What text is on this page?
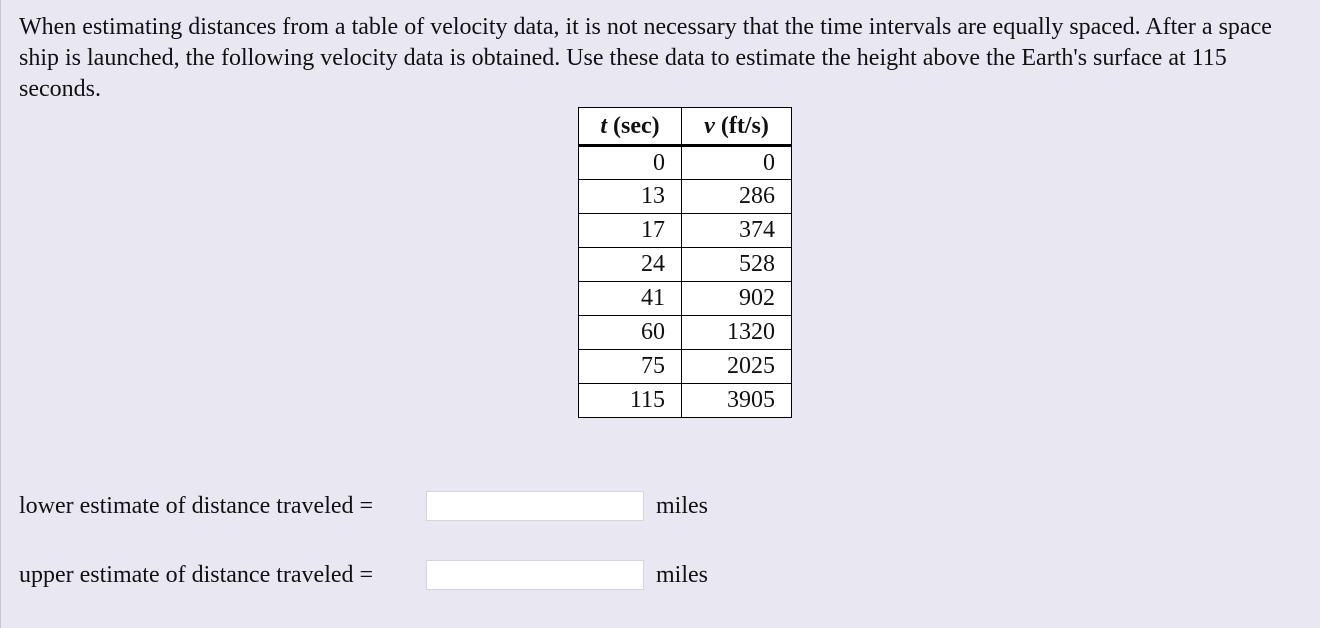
When estimating distances from a table of velocity data, it is not necessary that the time intervals are equally spaced. After a space ship is launched, the following velocity data is obtained. Use these data to estimate the height above the Earth's surface at 115 seconds.

t (sec)	v (ft/s)
0	0
13	286
17	374
24	528
41	902
60	1320
75	2025
115	3905
lower estimate of distance traveled =	miles
upper estimate of distance traveled =	miles
